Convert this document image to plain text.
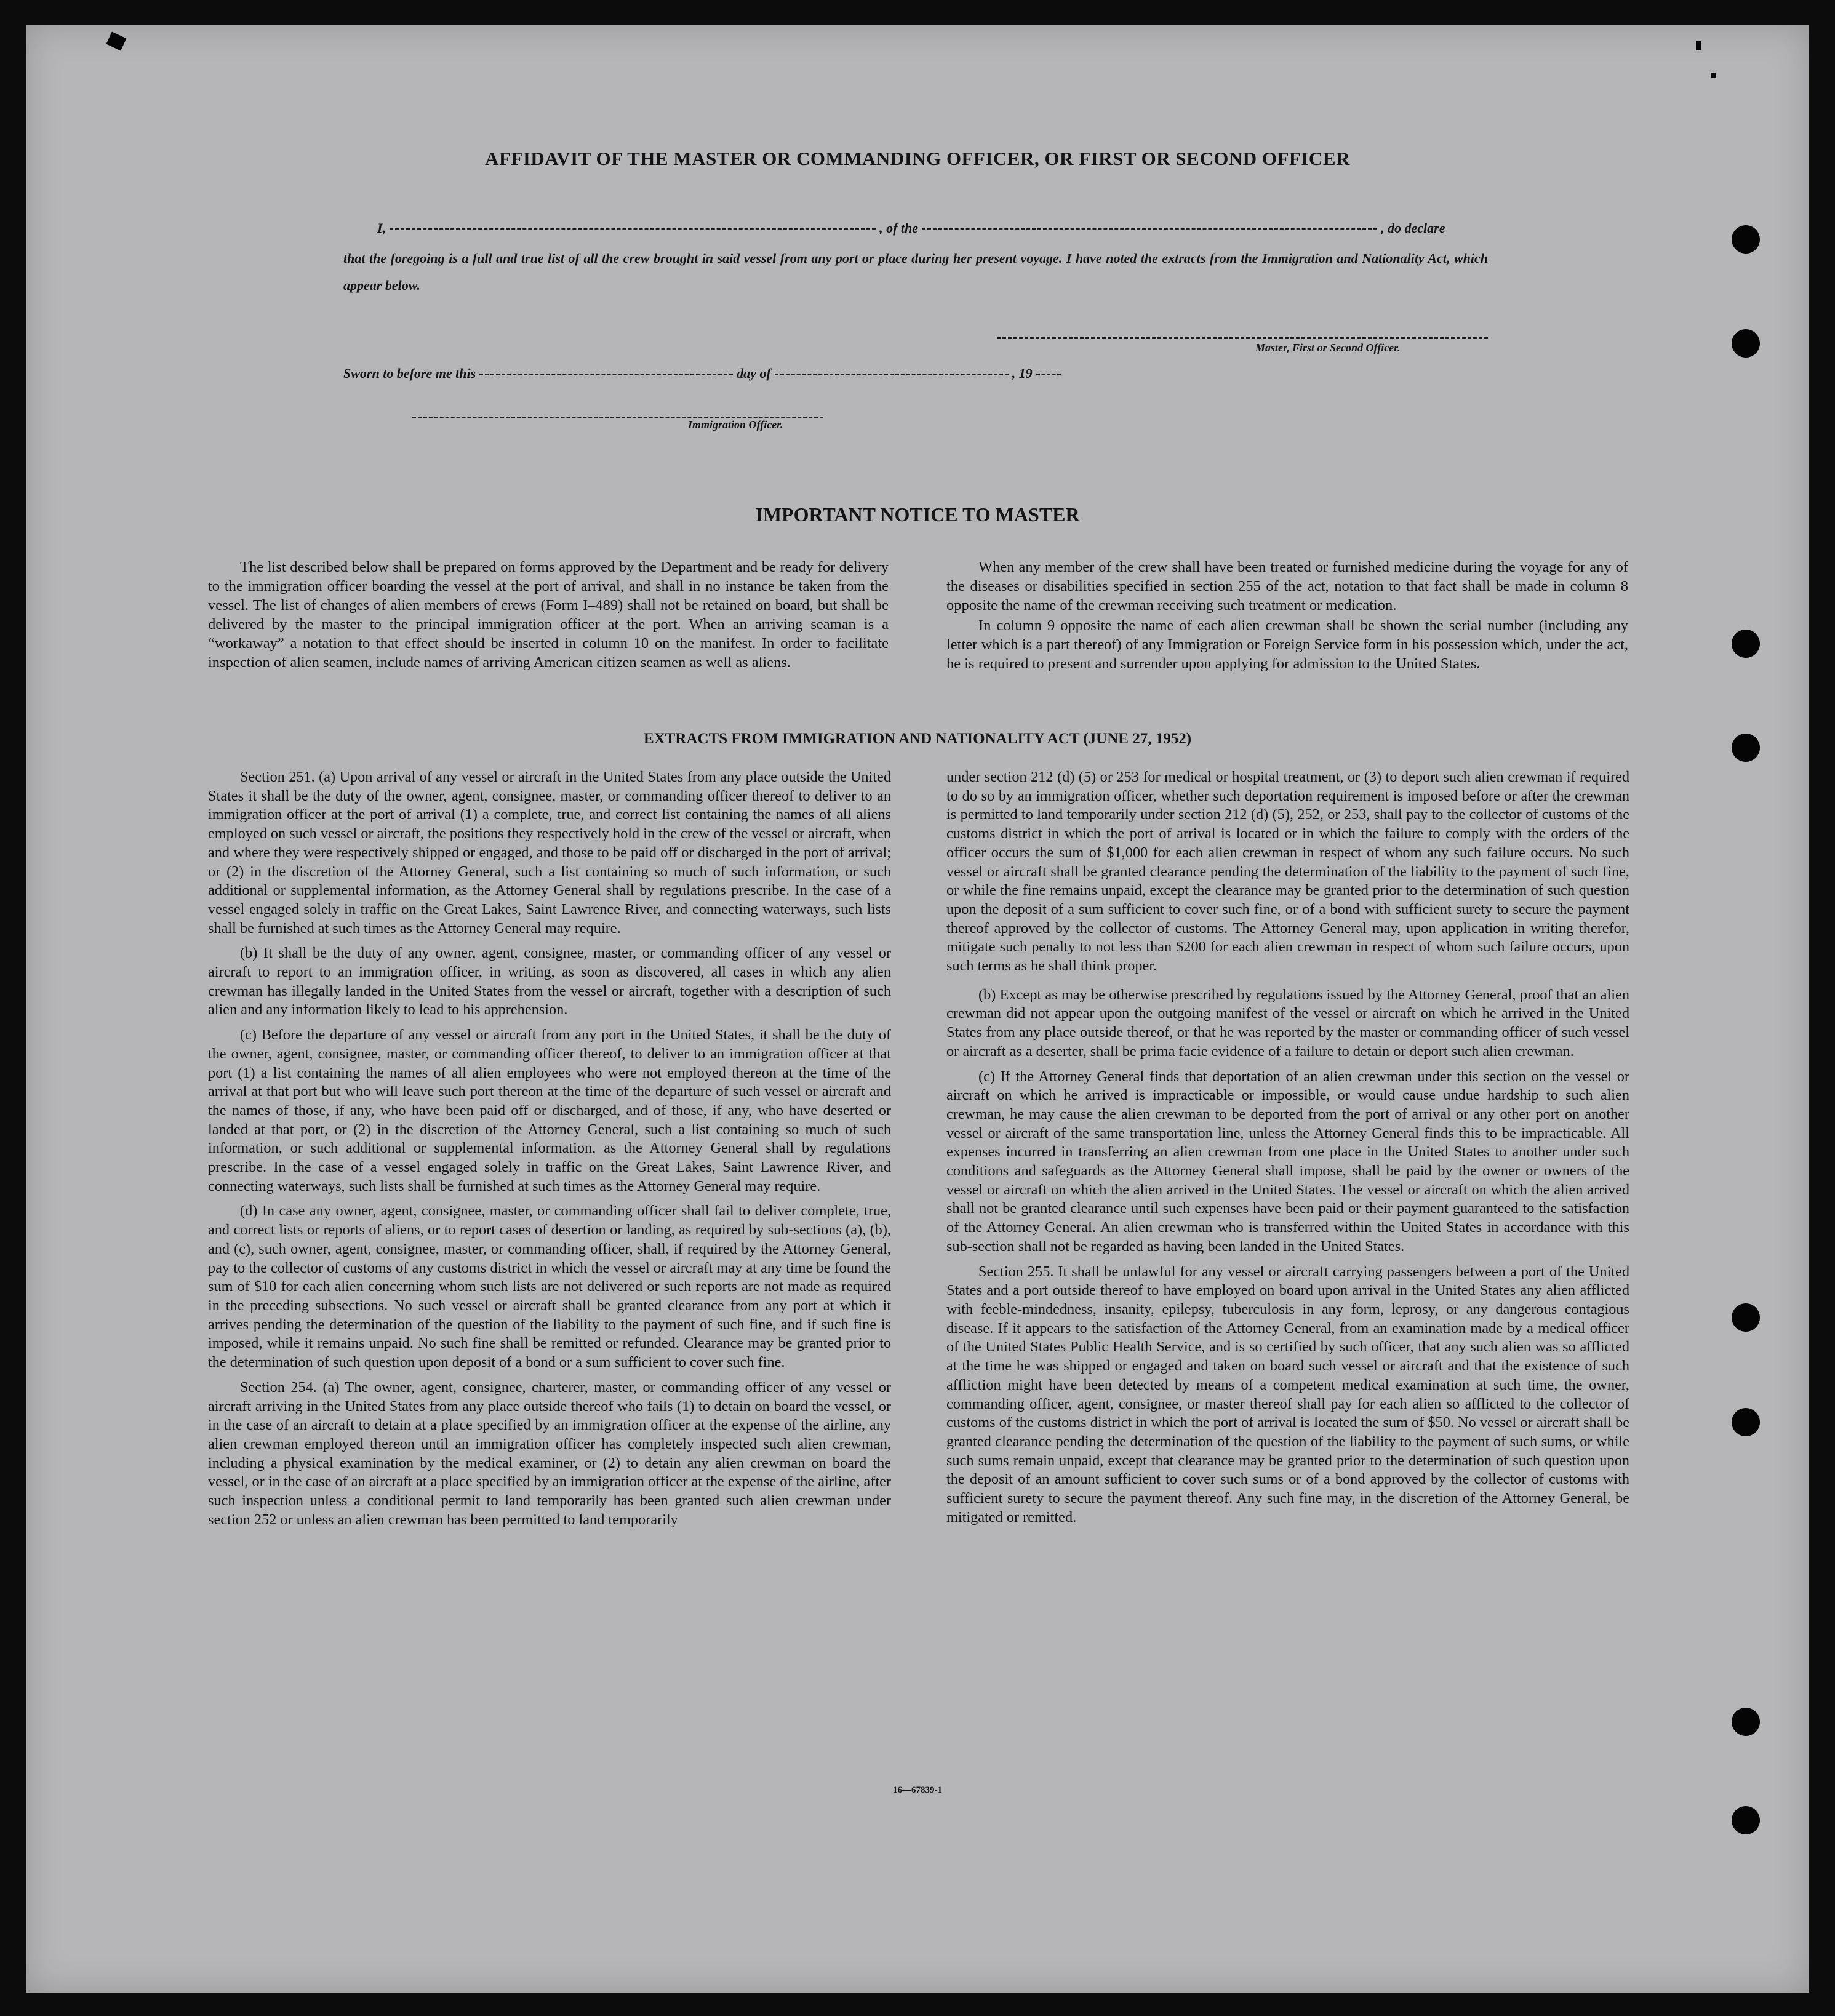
AFFIDAVIT OF THE MASTER OR COMMANDING OFFICER, OR FIRST OR SECOND OFFICER
I,	, of the	, do declare
that the foregoing is a full and true list of all the crew brought in said vessel from any port or place during her present voyage. I have noted the extracts from the Immigration and Nationality Act, which appear below.
Master, First or Second Officer.
Sworn to before me this	day of	, 19
Immigration Officer.
IMPORTANT NOTICE TO MASTER

The list described below shall be prepared on forms approved by the Department and be ready for delivery to the immigration officer boarding the vessel at the port of arrival, and shall in no instance be taken from the vessel. The list of changes of alien members of crews (Form I–489) shall not be retained on board, but shall be delivered by the master to the principal immigration officer at the port. When an arriving seaman is a “workaway” a notation to that effect should be inserted in column 10 on the manifest. In order to facilitate inspection of alien seamen, include names of arriving American citizen seamen as well as aliens.

When any member of the crew shall have been treated or furnished medicine during the voyage for any of the diseases or disabilities specified in section 255 of the act, notation to that fact shall be made in column 8 opposite the name of the crewman receiving such treatment or medication.

In column 9 opposite the name of each alien crewman shall be shown the serial number (including any letter which is a part thereof) of any Immigration or Foreign Service form in his possession which, under the act, he is required to present and surrender upon applying for admission to the United States.

EXTRACTS FROM IMMIGRATION AND NATIONALITY ACT (JUNE 27, 1952)

Section 251. (a) Upon arrival of any vessel or aircraft in the United States from any place outside the United States it shall be the duty of the owner, agent, consignee, master, or commanding officer thereof to deliver to an immigration officer at the port of arrival (1) a complete, true, and correct list containing the names of all aliens employed on such vessel or aircraft, the positions they respectively hold in the crew of the vessel or aircraft, when and where they were respectively shipped or engaged, and those to be paid off or discharged in the port of arrival; or (2) in the discretion of the Attorney General, such a list containing so much of such information, or such additional or supplemental information, as the Attorney General shall by regulations prescribe. In the case of a vessel engaged solely in traffic on the Great Lakes, Saint Lawrence River, and connecting waterways, such lists shall be furnished at such times as the Attorney General may require.

(b) It shall be the duty of any owner, agent, consignee, master, or commanding officer of any vessel or aircraft to report to an immigration officer, in writing, as soon as discovered, all cases in which any alien crewman has illegally landed in the United States from the vessel or aircraft, together with a description of such alien and any information likely to lead to his apprehension.

(c) Before the departure of any vessel or aircraft from any port in the United States, it shall be the duty of the owner, agent, consignee, master, or commanding officer thereof, to deliver to an immigration officer at that port (1) a list containing the names of all alien employees who were not employed thereon at the time of the arrival at that port but who will leave such port thereon at the time of the departure of such vessel or aircraft and the names of those, if any, who have been paid off or discharged, and of those, if any, who have deserted or landed at that port, or (2) in the discretion of the Attorney General, such a list containing so much of such information, or such additional or supplemental information, as the Attorney General shall by regulations prescribe. In the case of a vessel engaged solely in traffic on the Great Lakes, Saint Lawrence River, and connecting waterways, such lists shall be furnished at such times as the Attorney General may require.

(d) In case any owner, agent, consignee, master, or commanding officer shall fail to deliver complete, true, and correct lists or reports of aliens, or to report cases of desertion or landing, as required by sub-sections (a), (b), and (c), such owner, agent, consignee, master, or commanding officer, shall, if required by the Attorney General, pay to the collector of customs of any customs district in which the vessel or aircraft may at any time be found the sum of $10 for each alien concerning whom such lists are not delivered or such reports are not made as required in the preceding subsections. No such vessel or aircraft shall be granted clearance from any port at which it arrives pending the determination of the question of the liability to the payment of such fine, and if such fine is imposed, while it remains unpaid. No such fine shall be remitted or refunded. Clearance may be granted prior to the determination of such question upon deposit of a bond or a sum sufficient to cover such fine.

Section 254. (a) The owner, agent, consignee, charterer, master, or commanding officer of any vessel or aircraft arriving in the United States from any place outside thereof who fails (1) to detain on board the vessel, or in the case of an aircraft to detain at a place specified by an immigration officer at the expense of the airline, any alien crewman employed thereon until an immigration officer has completely inspected such alien crewman, including a physical examination by the medical examiner, or (2) to detain any alien crewman on board the vessel, or in the case of an aircraft at a place specified by an immigration officer at the expense of the airline, after such inspection unless a conditional permit to land temporarily has been granted such alien crewman under section 252 or unless an alien crewman has been permitted to land temporarily

under section 212 (d) (5) or 253 for medical or hospital treatment, or (3) to deport such alien crewman if required to do so by an immigration officer, whether such deportation requirement is imposed before or after the crewman is permitted to land temporarily under section 212 (d) (5), 252, or 253, shall pay to the collector of customs of the customs district in which the port of arrival is located or in which the failure to comply with the orders of the officer occurs the sum of $1,000 for each alien crewman in respect of whom any such failure occurs. No such vessel or aircraft shall be granted clearance pending the determination of the liability to the payment of such fine, or while the fine remains unpaid, except the clearance may be granted prior to the determination of such question upon the deposit of a sum sufficient to cover such fine, or of a bond with sufficient surety to secure the payment thereof approved by the collector of customs. The Attorney General may, upon application in writing therefor, mitigate such penalty to not less than $200 for each alien crewman in respect of whom such failure occurs, upon such terms as he shall think proper.

(b) Except as may be otherwise prescribed by regulations issued by the Attorney General, proof that an alien crewman did not appear upon the outgoing manifest of the vessel or aircraft on which he arrived in the United States from any place outside thereof, or that he was reported by the master or commanding officer of such vessel or aircraft as a deserter, shall be prima facie evidence of a failure to detain or deport such alien crewman.

(c) If the Attorney General finds that deportation of an alien crewman under this section on the vessel or aircraft on which he arrived is impracticable or impossible, or would cause undue hardship to such alien crewman, he may cause the alien crewman to be deported from the port of arrival or any other port on another vessel or aircraft of the same transportation line, unless the Attorney General finds this to be impracticable. All expenses incurred in transferring an alien crewman from one place in the United States to another under such conditions and safeguards as the Attorney General shall impose, shall be paid by the owner or owners of the vessel or aircraft on which the alien arrived in the United States. The vessel or aircraft on which the alien arrived shall not be granted clearance until such expenses have been paid or their payment guaranteed to the satisfaction of the Attorney General. An alien crewman who is transferred within the United States in accordance with this sub-section shall not be regarded as having been landed in the United States.

Section 255. It shall be unlawful for any vessel or aircraft carrying passengers between a port of the United States and a port outside thereof to have employed on board upon arrival in the United States any alien afflicted with feeble-mindedness, insanity, epilepsy, tuberculosis in any form, leprosy, or any dangerous contagious disease. If it appears to the satisfaction of the Attorney General, from an examination made by a medical officer of the United States Public Health Service, and is so certified by such officer, that any such alien was so afflicted at the time he was shipped or engaged and taken on board such vessel or aircraft and that the existence of such affliction might have been detected by means of a competent medical examination at such time, the owner, commanding officer, agent, consignee, or master thereof shall pay for each alien so afflicted to the collector of customs of the customs district in which the port of arrival is located the sum of $50. No vessel or aircraft shall be granted clearance pending the determination of the question of the liability to the payment of such sums, or while such sums remain unpaid, except that clearance may be granted prior to the determination of such question upon the deposit of an amount sufficient to cover such sums or of a bond approved by the collector of customs with sufficient surety to secure the payment thereof. Any such fine may, in the discretion of the Attorney General, be mitigated or remitted.

16—67839-1
